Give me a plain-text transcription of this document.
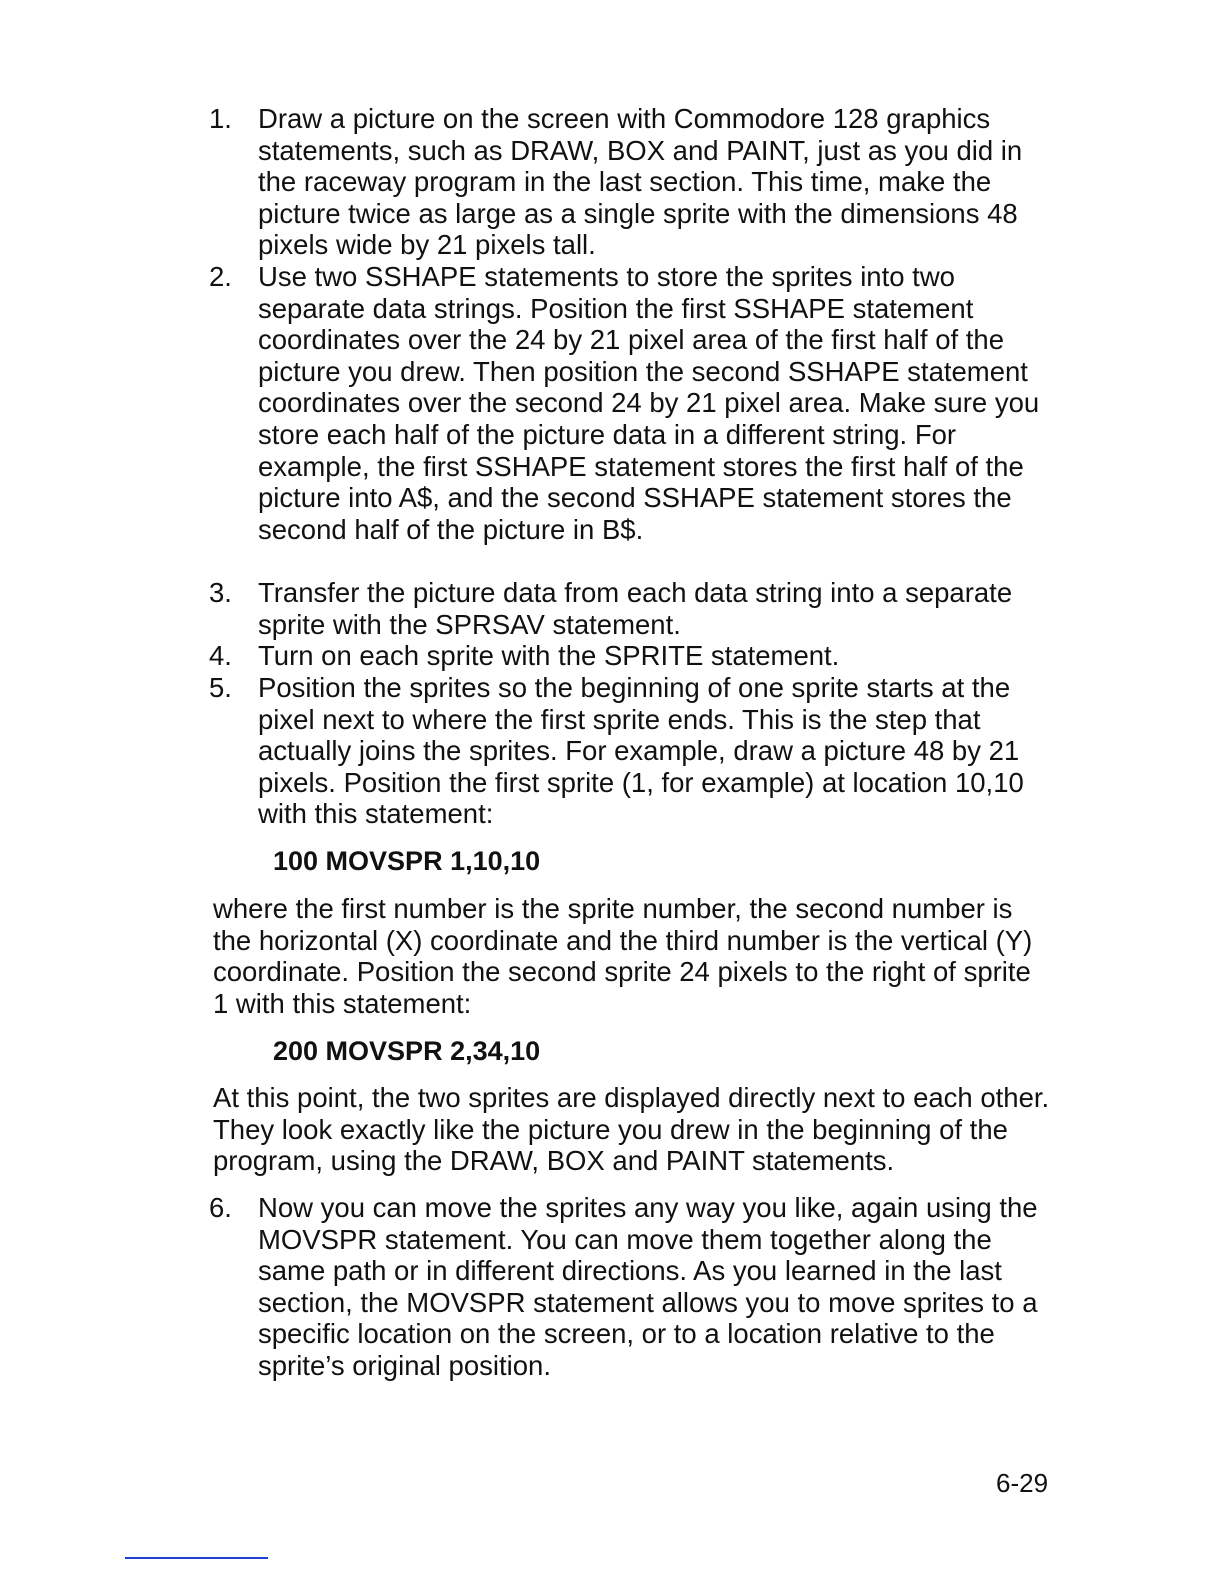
1. Draw a picture on the screen with Commodore 128 graphics statements, such as DRAW, BOX and PAINT, just as you did in the raceway program in the last section. This time, make the picture twice as large as a single sprite with the dimensions 48 pixels wide by 21 pixels tall.
2. Use two SSHAPE statements to store the sprites into two separate data strings. Position the first SSHAPE statement coordinates over the 24 by 21 pixel area of the first half of the picture you drew. Then position the second SSHAPE statement coordinates over the second 24 by 21 pixel area. Make sure you store each half of the picture data in a different string. For example, the first SSHAPE statement stores the first half of the picture into A$, and the second SSHAPE statement stores the second half of the picture in B$.
3. Transfer the picture data from each data string into a separate sprite with the SPRSAV statement.
4. Turn on each sprite with the SPRITE statement.
5. Position the sprites so the beginning of one sprite starts at the pixel next to where the first sprite ends. This is the step that actually joins the sprites. For example, draw a picture 48 by 21 pixels. Position the first sprite (1, for example) at location 10,10 with this statement:
100 MOVSPR 1,10,10
where the first number is the sprite number, the second number is the horizontal (X) coordinate and the third number is the vertical (Y) coordinate. Position the second sprite 24 pixels to the right of sprite 1 with this statement:
200 MOVSPR 2,34,10
At this point, the two sprites are displayed directly next to each other. They look exactly like the picture you drew in the beginning of the program, using the DRAW, BOX and PAINT statements.
6. Now you can move the sprites any way you like, again using the MOVSPR statement. You can move them together along the same path or in different directions. As you learned in the last section, the MOVSPR statement allows you to move sprites to a specific location on the screen, or to a location relative to the sprite’s original position.
6-29
